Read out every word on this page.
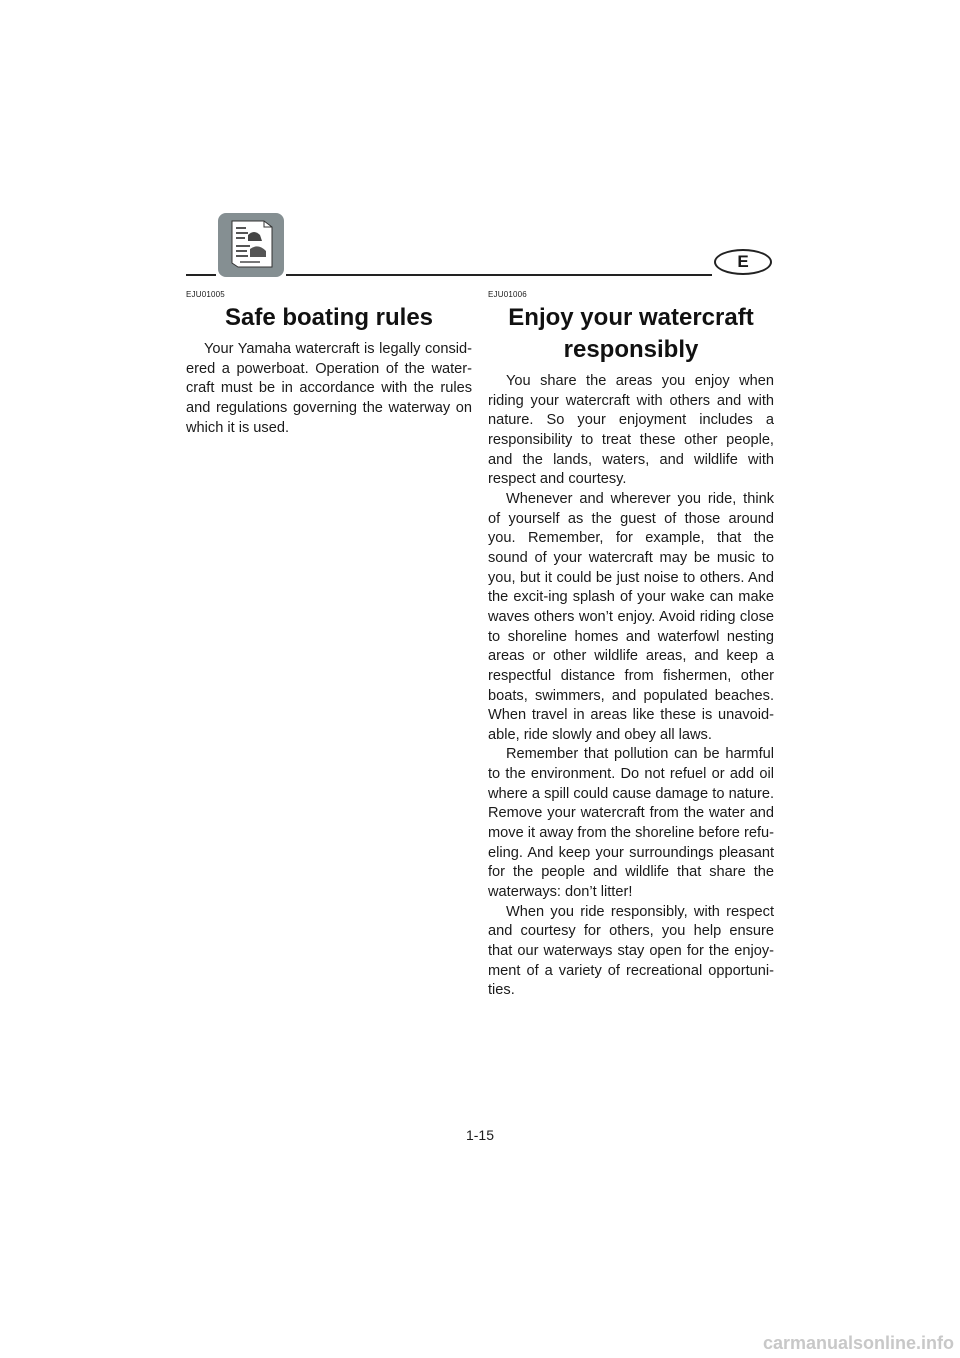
E
EJU01005
Safe boating rules

Your Yamaha watercraft is legally consid-ered a powerboat. Operation of the water-craft must be in accordance with the rules and regulations governing the waterway on which it is used.

EJU01006
Enjoy your watercraft responsibly

You share the areas you enjoy when riding your watercraft with others and with nature. So your enjoyment includes a responsibility to treat these other people, and the lands, waters, and wildlife with respect and courtesy.

Whenever and wherever you ride, think of yourself as the guest of those around you. Remember, for example, that the sound of your watercraft may be music to you, but it could be just noise to others. And the excit-ing splash of your wake can make waves others won’t enjoy. Avoid riding close to shoreline homes and waterfowl nesting areas or other wildlife areas, and keep a respectful distance from fishermen, other boats, swimmers, and populated beaches. When travel in areas like these is unavoid-able, ride slowly and obey all laws.

Remember that pollution can be harmful to the environment. Do not refuel or add oil where a spill could cause damage to nature. Remove your watercraft from the water and move it away from the shoreline before refu-eling. And keep your surroundings pleasant for the people and wildlife that share the waterways: don’t litter!

When you ride responsibly, with respect and courtesy for others, you help ensure that our waterways stay open for the enjoy-ment of a variety of recreational opportuni-ties.

1-15
carmanualsonline.info
